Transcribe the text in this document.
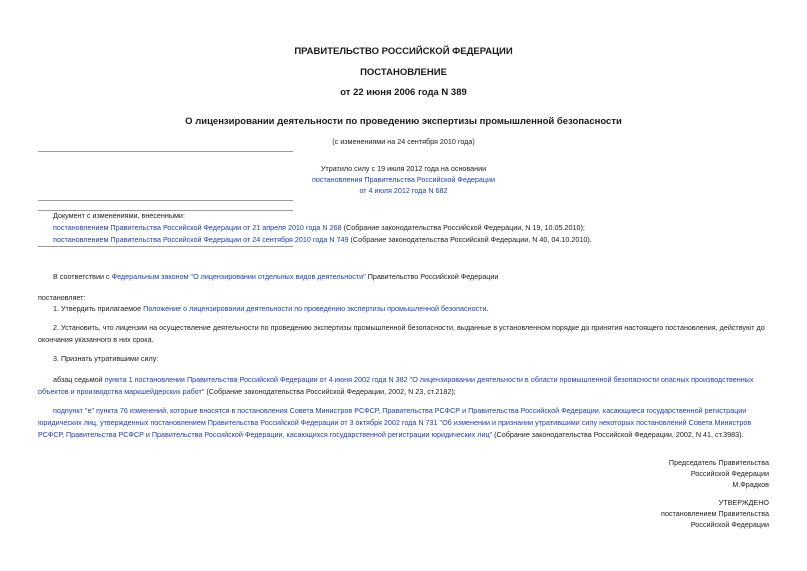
ПРАВИТЕЛЬСТВО РОССИЙСКОЙ ФЕДЕРАЦИИ
ПОСТАНОВЛЕНИЕ
от 22 июня 2006 года N 389
О лицензировании деятельности по проведению экспертизы промышленной безопасности
(с изменениями на 24 сентября 2010 года)
Утратило силу с 19 июля 2012 года на основании
постановления Правительства Российской Федерации
от 4 июля 2012 года N 682
Документ с изменениями, внесенными:
постановлением Правительства Российской Федерации от 21 апреля 2010 года N 268 (Собрание законодательства Российской Федерации, N 19, 10.05.2010);
постановлением Правительства Российской Федерации от 24 сентября 2010 года N 749 (Собрание законодательства Российской Федерации, N 40, 04.10.2010).
В соответствии с Федеральным законом "О лицензировании отдельных видов деятельности" Правительство Российской Федерации
постановляет:
1. Утвердить прилагаемое Положение о лицензировании деятельности по проведению экспертизы промышленной безопасности.
2. Установить, что лицензии на осуществление деятельности по проведению экспертизы промышленной безопасности, выданные в установленном порядке до принятия настоящего постановления, действуют до окончания указанного в них срока.
3. Признать утратившими силу:
абзац седьмой пункта 1 постановления Правительства Российской Федерации от 4 июня 2002 года N 382 "О лицензировании деятельности в области промышленной безопасности опасных производственных объектов и производства маркшейдерских работ" (Собрание законодательства Российской Федерации, 2002, N 23, ст.2182);
подпункт "е" пункта 76 изменений, которые вносятся в постановления Совета Министров РСФСР, Правительства РСФСР и Правительства Российской Федерации, касающиеся государственной регистрации юридических лиц, утвержденных постановлением Правительства Российской Федерации от 3 октября 2002 года N 731 "Об изменении и признании утратившими силу некоторых постановлений Совета Министров РСФСР, Правительства РСФСР и Правительства Российской Федерации, касающихся государственной регистрации юридических лиц" (Собрание законодательства Российской Федерации, 2002, N 41, ст.3983).
Председатель Правительства
Российской Федерации
М.Фрадков
УТВЕРЖДЕНО
постановлением Правительства
Российской Федерации
